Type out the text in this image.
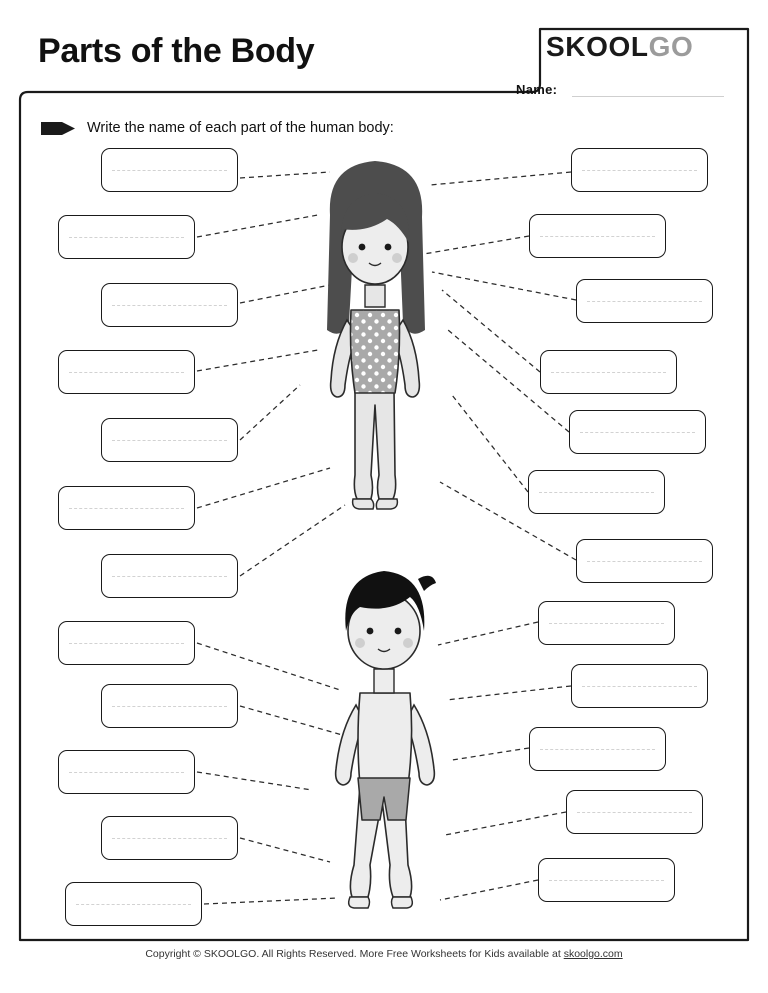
Parts of the Body	SKOOLGO
Name:
Write the name of each part of the human body:
Copyright © SKOOLGO. All Rights Reserved. More Free Worksheets for Kids available at skoolgo.com
